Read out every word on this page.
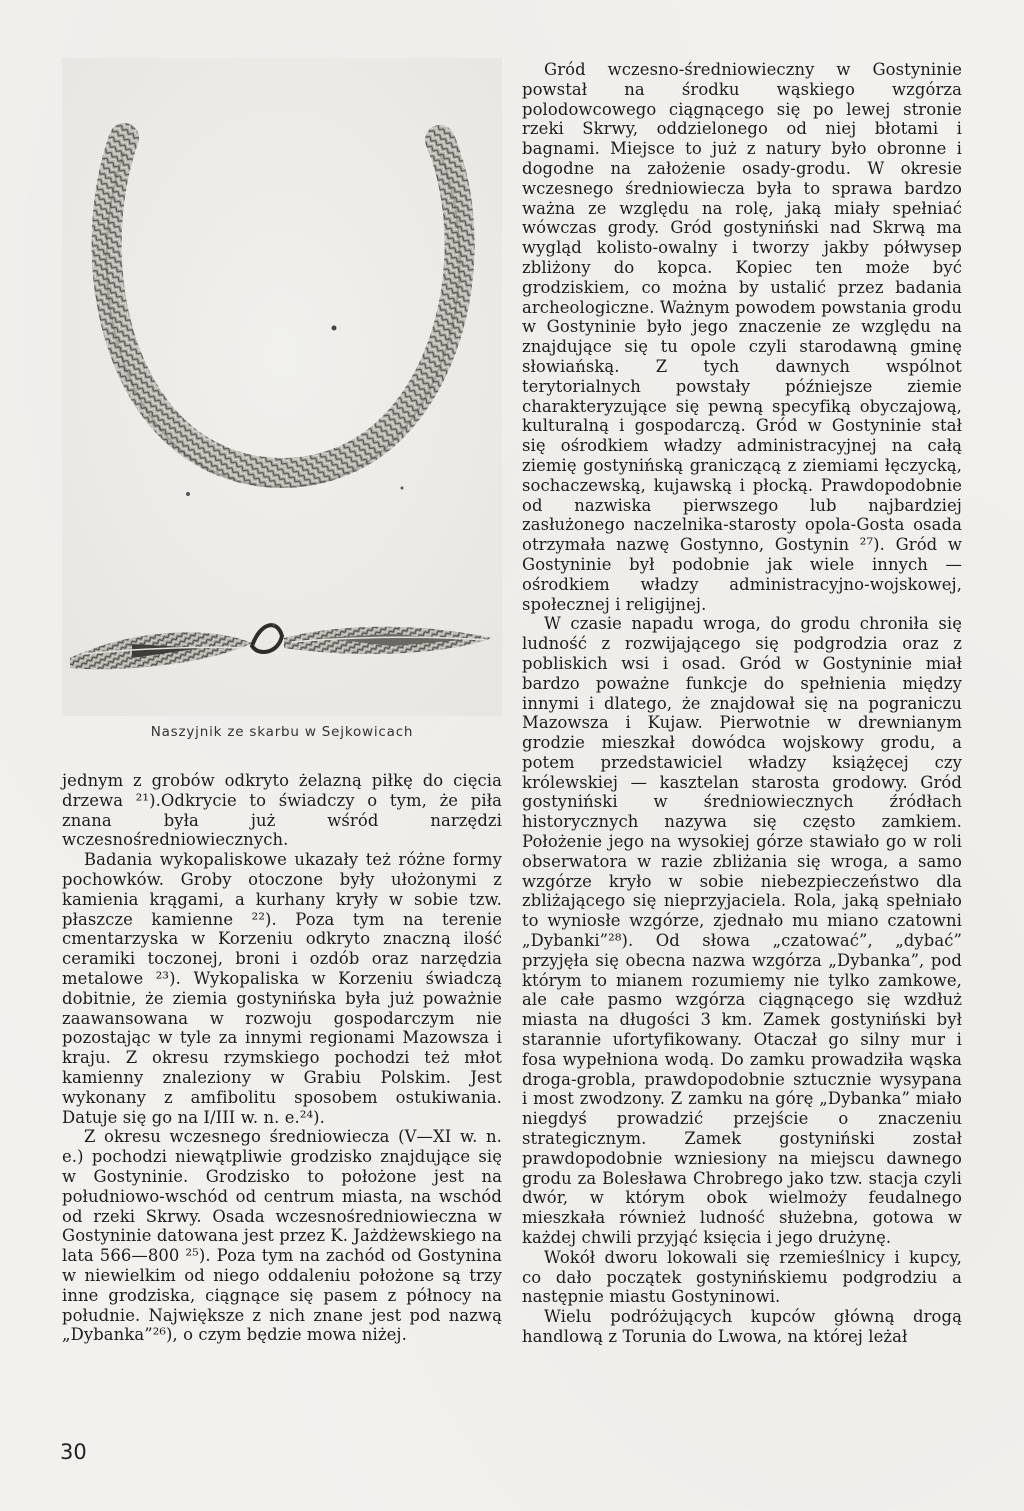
Naszyjnik ze skarbu w Sejkowicach

jednym z grobów odkryto żelazną piłkę do cięcia drzewa ²¹).Odkrycie to świadczy o tym, że piła znana była już wśród narzędzi wczesnośredniowiecznych.

Badania wykopaliskowe ukazały też różne formy pochowków. Groby otoczone były ułożonymi z kamienia krągami, a kurhany kryły w sobie tzw. płaszcze kamienne ²²). Poza tym na terenie cmentarzyska w Korzeniu odkryto znaczną ilość ceramiki toczonej, broni i ozdób oraz narzędzia metalowe ²³). Wykopaliska w Korzeniu świadczą dobitnie, że ziemia gostynińska była już poważnie zaawansowana w rozwoju gospodarczym nie pozostając w tyle za innymi regionami Mazowsza i kraju. Z okresu rzymskiego pochodzi też młot kamienny znaleziony w Grabiu Polskim. Jest wykonany z amfibolitu sposobem ostukiwania. Datuje się go na I/III w. n. e.²⁴).

Z okresu wczesnego średniowiecza (V—XI w. n. e.) pochodzi niewątpliwie grodzisko znajdujące się w Gostyninie. Grodzisko to położone jest na południowo-wschód od centrum miasta, na wschód od rzeki Skrwy. Osada wczesnośredniowieczna w Gostyninie datowana jest przez K. Jażdżewskiego na lata 566—800 ²⁵). Poza tym na zachód od Gostynina w niewielkim od niego oddaleniu położone są trzy inne grodziska, ciągnące się pasem z północy na południe. Największe z nich znane jest pod nazwą „Dybanka”²⁶), o czym będzie mowa niżej.

Gród wczesno-średniowieczny w Gostyninie powstał na środku wąskiego wzgórza polodowcowego ciągnącego się po lewej stronie rzeki Skrwy, oddzielonego od niej błotami i bagnami. Miejsce to już z natury było obronne i dogodne na założenie osady-grodu. W okresie wczesnego średniowiecza była to sprawa bardzo ważna ze względu na rolę, jaką miały spełniać wówczas grody. Gród gostyniński nad Skrwą ma wygląd kolisto-owalny i tworzy jakby półwysep zbliżony do kopca. Kopiec ten może być grodziskiem, co można by ustalić przez badania archeologiczne. Ważnym powodem powstania grodu w Gostyninie było jego znaczenie ze względu na znajdujące się tu opole czyli starodawną gminę słowiańską. Z tych dawnych wspólnot terytorialnych powstały późniejsze ziemie charakteryzujące się pewną specyfiką obyczajową, kulturalną i gospodarczą. Gród w Gostyninie stał się ośrodkiem władzy administracyjnej na całą ziemię gostynińską graniczącą z ziemiami łęczycką, sochaczewską, kujawską i płocką. Prawdopodobnie od nazwiska pierwszego lub najbardziej zasłużonego naczelnika-starosty opola-Gosta osada otrzymała nazwę Gostynno, Gostynin ²⁷). Gród w Gostyninie był podobnie jak wiele innych — ośrodkiem władzy administracyjno-wojskowej, społecznej i religijnej.

W czasie napadu wroga, do grodu chroniła się ludność z rozwijającego się podgrodzia oraz z pobliskich wsi i osad. Gród w Gostyninie miał bardzo poważne funkcje do spełnienia między innymi i dlatego, że znajdował się na pograniczu Mazowsza i Kujaw. Pierwotnie w drewnianym grodzie mieszkał dowódca wojskowy grodu, a potem przedstawiciel władzy książęcej czy królewskiej — kasztelan starosta grodowy. Gród gostyniński w średniowiecznych źródłach historycznych nazywa się często zamkiem. Położenie jego na wysokiej górze stawiało go w roli obserwatora w razie zbliżania się wroga, a samo wzgórze kryło w sobie niebezpieczeństwo dla zbliżającego się nieprzyjaciela. Rola, jaką spełniało to wyniosłe wzgórze, zjednało mu miano czatowni „Dybanki”²⁸). Od słowa „czatować”, „dybać” przyjęła się obecna nazwa wzgórza „Dybanka”, pod którym to mianem rozumiemy nie tylko zamkowe, ale całe pasmo wzgórza ciągnącego się wzdłuż miasta na długości 3 km. Zamek gostyniński był starannie ufortyfikowany. Otaczał go silny mur i fosa wypełniona wodą. Do zamku prowadziła wąska droga-grobla, prawdopodobnie sztucznie wysypana i most zwodzony. Z zamku na górę „Dybanka” miało niegdyś prowadzić przejście o znaczeniu strategicznym. Zamek gostyniński został prawdopodobnie wzniesiony na miejscu dawnego grodu za Bolesława Chrobrego jako tzw. stacja czyli dwór, w którym obok wielmoży feudalnego mieszkała również ludność służebna, gotowa w każdej chwili przyjąć księcia i jego drużynę.

Wokół dworu lokowali się rzemieślnicy i kupcy, co dało początek gostynińskiemu podgrodziu a następnie miastu Gostyninowi.

Wielu podróżujących kupców główną drogą handlową z Torunia do Lwowa, na której leżał

30
